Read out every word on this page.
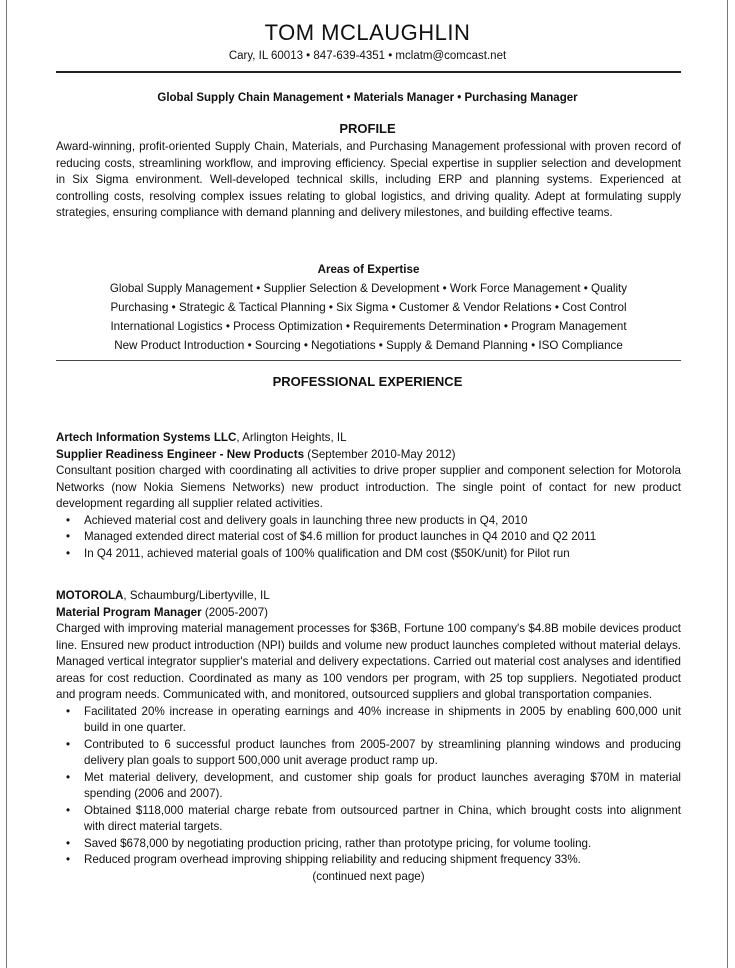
TOM MCLAUGHLIN
Cary, IL 60013 • 847-639-4351 • mclatm@comcast.net
Global Supply Chain Management • Materials Manager • Purchasing Manager
PROFILE
Award-winning, profit-oriented Supply Chain, Materials, and Purchasing Management professional with proven record of reducing costs, streamlining workflow, and improving efficiency. Special expertise in supplier selection and development in Six Sigma environment. Well-developed technical skills, including ERP and planning systems. Experienced at controlling costs, resolving complex issues relating to global logistics, and driving quality. Adept at formulating supply strategies, ensuring compliance with demand planning and delivery milestones, and building effective teams.
Areas of Expertise
Global Supply Management • Supplier Selection & Development • Work Force Management • Quality
Purchasing • Strategic & Tactical Planning • Six Sigma • Customer & Vendor Relations • Cost Control
International Logistics • Process Optimization • Requirements Determination • Program Management
New Product Introduction • Sourcing • Negotiations • Supply & Demand Planning • ISO Compliance
PROFESSIONAL EXPERIENCE
Artech Information Systems LLC, Arlington Heights, IL
Supplier Readiness Engineer - New Products (September 2010-May 2012)
Consultant position charged with coordinating all activities to drive proper supplier and component selection for Motorola Networks (now Nokia Siemens Networks) new product introduction. The single point of contact for new product development regarding all supplier related activities.
• Achieved material cost and delivery goals in launching three new products in Q4, 2010
• Managed extended direct material cost of $4.6 million for product launches in Q4 2010 and Q2 2011
• In Q4 2011, achieved material goals of 100% qualification and DM cost ($50K/unit) for Pilot run
MOTOROLA, Schaumburg/Libertyville, IL
Material Program Manager (2005-2007)
Charged with improving material management processes for $36B, Fortune 100 company's $4.8B mobile devices product line. Ensured new product introduction (NPI) builds and volume new product launches completed without material delays. Managed vertical integrator supplier's material and delivery expectations. Carried out material cost analyses and identified areas for cost reduction. Coordinated as many as 100 vendors per program, with 25 top suppliers. Negotiated product and program needs. Communicated with, and monitored, outsourced suppliers and global transportation companies.
• Facilitated 20% increase in operating earnings and 40% increase in shipments in 2005 by enabling 600,000 unit build in one quarter.
• Contributed to 6 successful product launches from 2005-2007 by streamlining planning windows and producing delivery plan goals to support 500,000 unit average product ramp up.
• Met material delivery, development, and customer ship goals for product launches averaging $70M in material spending (2006 and 2007).
• Obtained $118,000 material charge rebate from outsourced partner in China, which brought costs into alignment with direct material targets.
• Saved $678,000 by negotiating production pricing, rather than prototype pricing, for volume tooling.
• Reduced program overhead improving shipping reliability and reducing shipment frequency 33%.
(continued next page)
